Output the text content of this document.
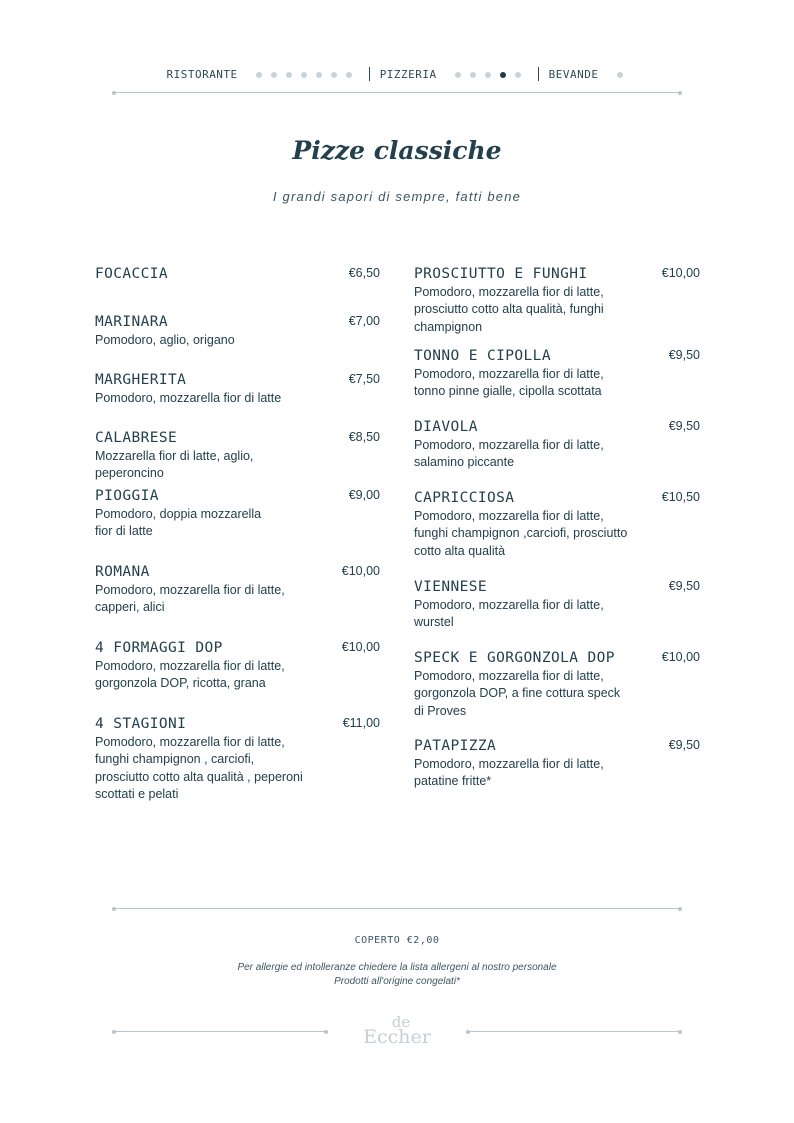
RISTORANTE	PIZZERIA	BEVANDE
Pizze classiche
I grandi sapori di sempre, fatti bene
FOCACCIA	€6,50
MARINARA	€7,00
Pomodoro, aglio, origano
MARGHERITA	€7,50
Pomodoro, mozzarella fior di latte
CALABRESE	€8,50
Mozzarella fior di latte, aglio,
peperoncino
PIOGGIA	€9,00
Pomodoro, doppia mozzarella
fior di latte
ROMANA	€10,00
Pomodoro, mozzarella fior di latte,
capperi, alici
4 FORMAGGI DOP	€10,00
Pomodoro, mozzarella fior di latte,
gorgonzola DOP, ricotta, grana
4 STAGIONI	€11,00
Pomodoro, mozzarella fior di latte,
funghi champignon , carciofi,
prosciutto cotto alta qualità , peperoni
scottati e pelati
PROSCIUTTO E FUNGHI	€10,00
Pomodoro, mozzarella fior di latte,
prosciutto cotto alta qualità, funghi
champignon
TONNO E CIPOLLA	€9,50
Pomodoro, mozzarella fior di latte,
tonno pinne gialle, cipolla scottata
DIAVOLA	€9,50
Pomodoro, mozzarella fior di latte,
salamino piccante
CAPRICCIOSA	€10,50
Pomodoro, mozzarella fior di latte,
funghi champignon ,carciofi, prosciutto
cotto alta qualità
VIENNESE	€9,50
Pomodoro, mozzarella fior di latte,
wurstel
SPECK E GORGONZOLA DOP	€10,00
Pomodoro, mozzarella fior di latte,
gorgonzola DOP, a fine cottura speck
di Proves
PATAPIZZA	€9,50
Pomodoro, mozzarella fior di latte,
patatine fritte*
COPERTO €2,00
Per allergie ed intolleranze chiedere la lista allergeni al nostro personale
Prodotti all'origine congelati*
de
Eccher
